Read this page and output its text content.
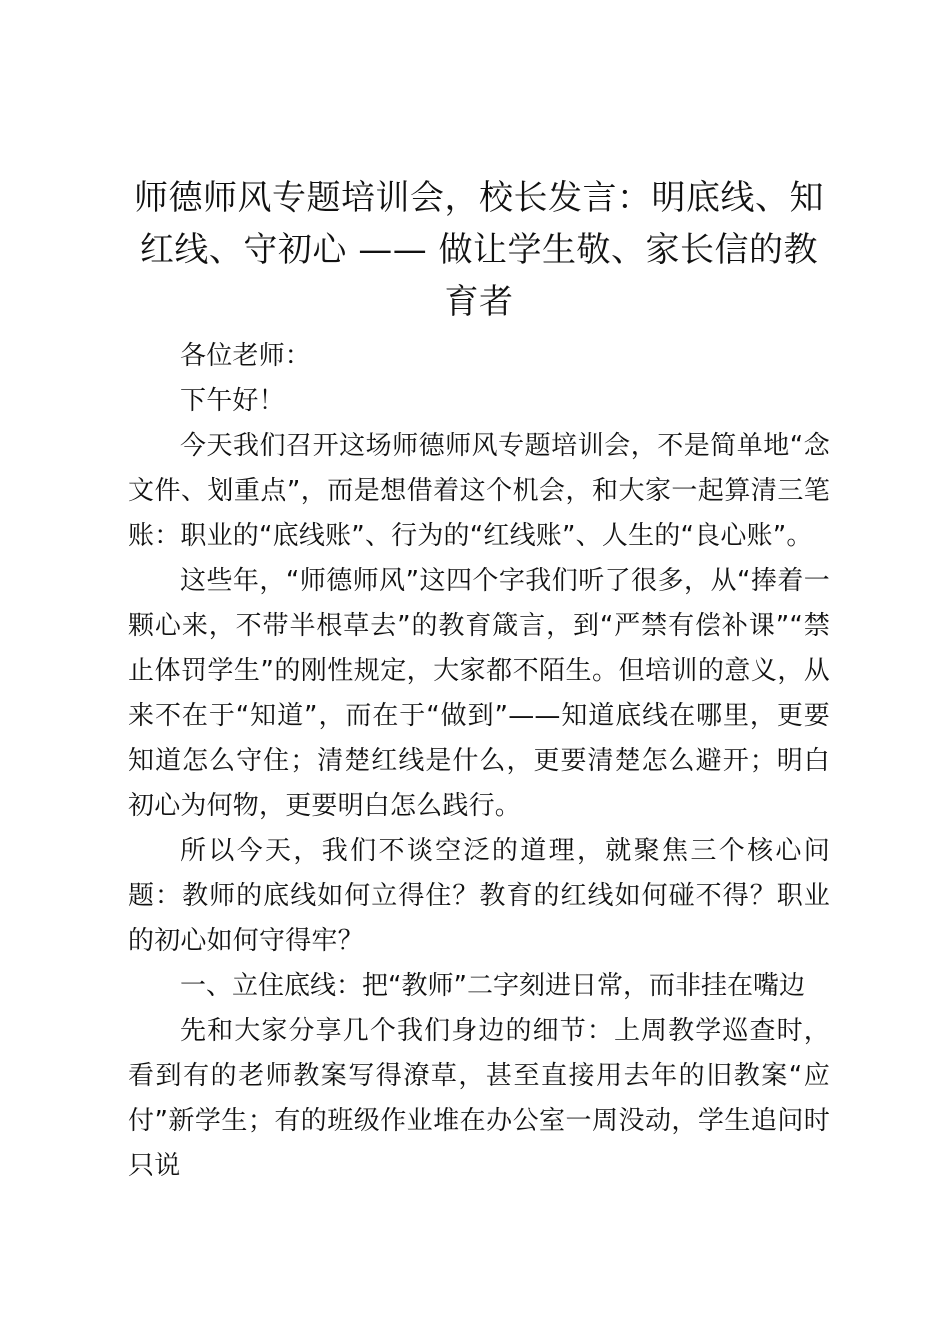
师德师风专题培训会，校长发言：明底线、知红线、守初心 —— 做让学生敬、家长信的教育者

各位老师：

下午好！

今天我们召开这场师德师风专题培训会，不是简单地“念文件、划重点”，而是想借着这个机会，和大家一起算清三笔账：职业的“底线账”、行为的“红线账”、人生的“良心账”。

这些年，“师德师风”这四个字我们听了很多，从“捧着一颗心来，不带半根草去”的教育箴言，到“严禁有偿补课”“禁止体罚学生”的刚性规定，大家都不陌生。但培训的意义，从来不在于“知道”，而在于“做到”——知道底线在哪里，更要知道怎么守住；清楚红线是什么，更要清楚怎么避开；明白初心为何物，更要明白怎么践行。

所以今天，我们不谈空泛的道理，就聚焦三个核心问题：教师的底线如何立得住？教育的红线如何碰不得？职业的初心如何守得牢？

一、立住底线：把“教师”二字刻进日常，而非挂在嘴边

先和大家分享几个我们身边的细节：上周教学巡查时，看到有的老师教案写得潦草，甚至直接用去年的旧教案“应付”新学生；有的班级作业堆在办公室一周没动，学生追问时只说
